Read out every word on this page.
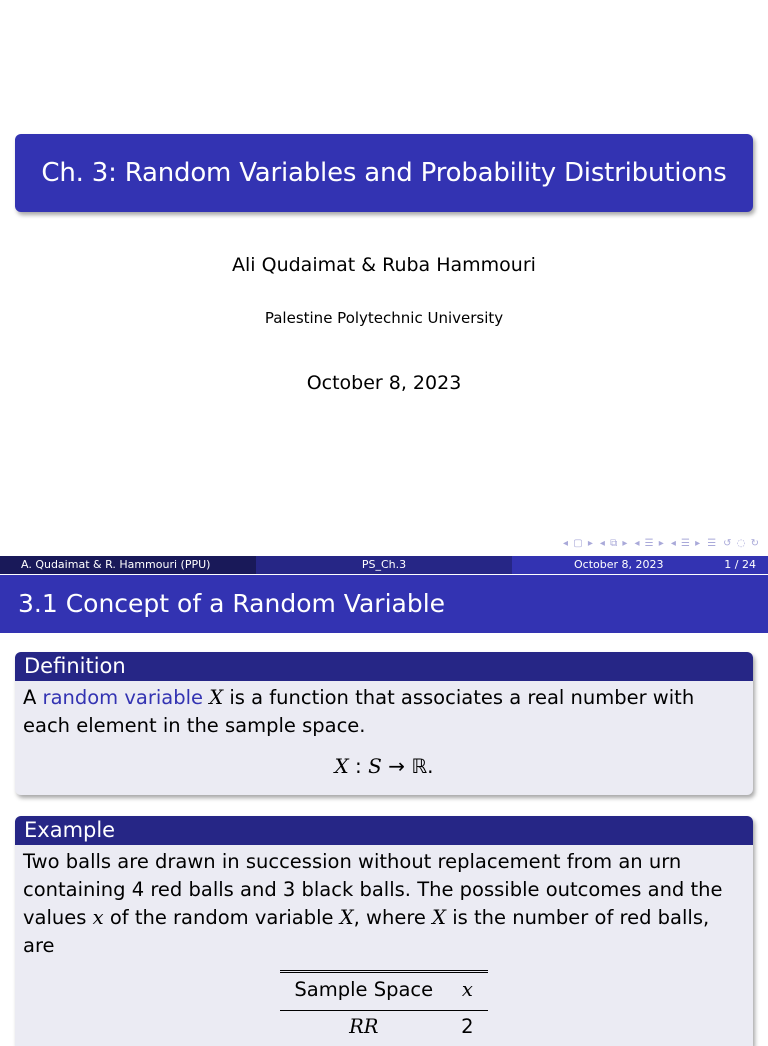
Ch. 3: Random Variables and Probability Distributions
Ali Qudaimat & Ruba Hammouri
Palestine Polytechnic University
October 8, 2023
◂ ▢ ▸ ◂ ⧉ ▸ ◂ ☰ ▸ ◂ ☰ ▸ ☰ ↺ ◌ ↻
A. Qudaimat & R. Hammouri (PPU)	PS_Ch.3	October 8, 2023	1 / 24
3.1 Concept of a Random Variable
Definition
A random variable X is a function that associates a real number with each element in the sample space.
X : S → ℝ.
Example
Two balls are drawn in succession without replacement from an urn containing 4 red balls and 3 black balls. The possible outcomes and the values x of the random variable X, where X is the number of red balls, are
Sample Space	x
RR	2
